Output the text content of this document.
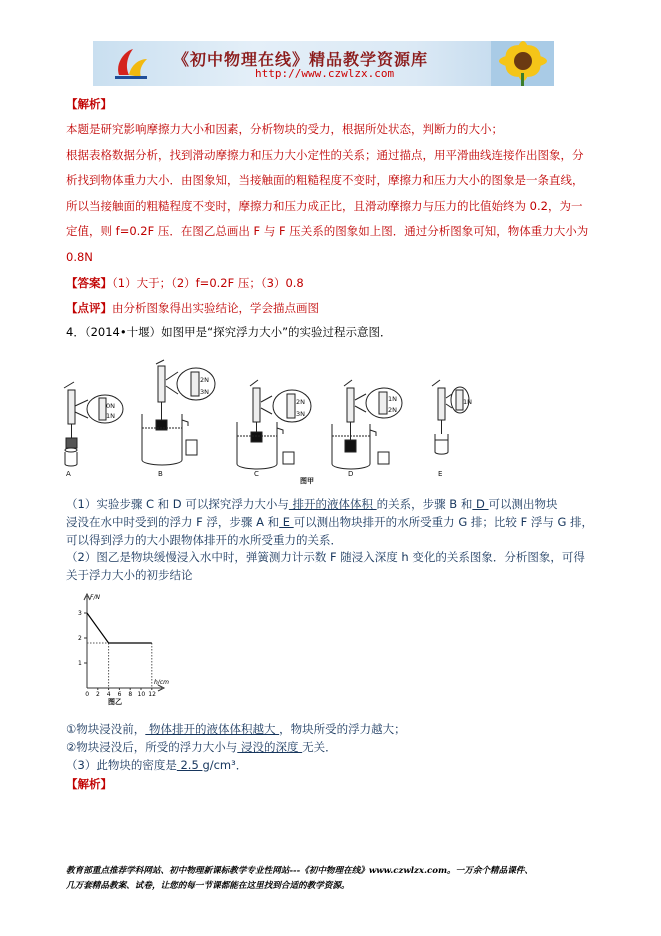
《初中物理在线》精品教学资源库
http://www.czwlzx.com
【解析】
本题是研究影响摩擦力大小和因素，分析物块的受力，根据所处状态，判断力的大小；
根据表格数据分析，找到滑动摩擦力和压力大小定性的关系；通过描点，用平滑曲线连接作出图象，分
析找到物体重力大小．由图象知，当接触面的粗糙程度不变时，摩擦力和压力大小的图象是一条直线，
所以当接触面的粗糙程度不变时，摩擦力和压力成正比，且滑动摩擦力与压力的比值始终为 0.2，为一
定值，则 f=0.2F 压．在图乙总画出 F 与 F 压关系的图象如上图．通过分析图象可知，物体重力大小为
0.8N
【答案】（1）大于；（2）f=0.2F 压；（3）0.8
【点评】由分析图象得出实验结论，学会描点画图
4．（2014•十堰）如图甲是“探究浮力大小”的实验过程示意图．
0N
1N
2N
3N
2N
3N
1N
2N
1N
A	B	C	D	E
图甲
（1）实验步骤 C 和 D 可以探究浮力大小与 排开的液体体积 的关系，步骤 B 和 D 可以测出物块
浸没在水中时受到的浮力 F 浮，步骤 A 和 E 可以测出物块排开的水所受重力 G 排；比较 F 浮与 G 排，
可以得到浮力的大小跟物体排开的水所受重力的关系．
（2）图乙是物块缓慢浸入水中时，弹簧测力计示数 F 随浸入深度 h 变化的关系图象．分析图象，可得
关于浮力大小的初步结论
1
2
3
0 2 4 6 8 10 12
F/N
h/cm
图乙
①物块浸没前， 物体排开的液体体积越大 ，物块所受的浮力越大；
②物块浸没后，所受的浮力大小与 浸没的深度 无关．
（3）此物块的密度是 2.5 g/cm³．
【解析】
教育部重点推荐学科网站、初中物理新课标教学专业性网站---《初中物理在线》www.czwlzx.com。一万余个精品课件、
几万套精品教案、试卷，让您的每一节课都能在这里找到合适的教学资源。
